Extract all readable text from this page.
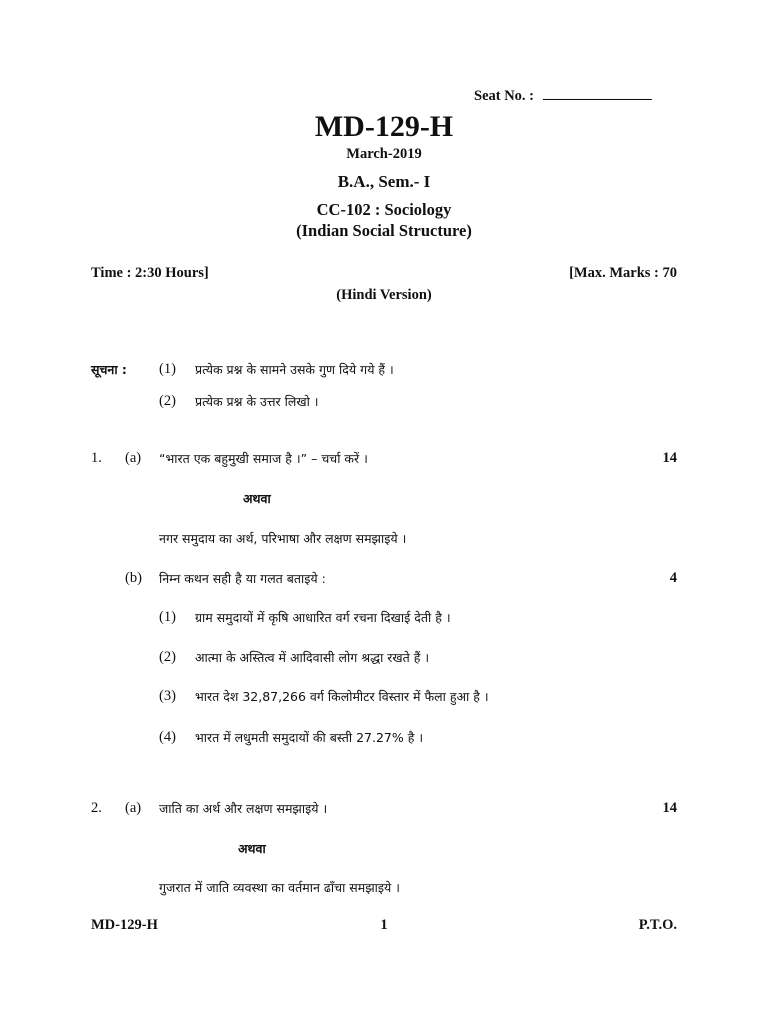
Seat No. : _______________
MD-129-H
March-2019
B.A., Sem.- I
CC-102 : Sociology
(Indian Social Structure)
Time : 2:30 Hours]	[Max. Marks : 70
(Hindi Version)
सूचना : (1) प्रत्येक प्रश्न के सामने उसके गुण दिये गये हैं ।
(2) प्रत्येक प्रश्न के उत्तर लिखो ।
1. (a) “भारत एक बहुमुखी समाज है ।” – चर्चा करें ।	14
अथवा
नगर समुदाय का अर्थ, परिभाषा और लक्षण समझाइये ।
(b) निम्न कथन सही है या गलत बताइये :	4
(1) ग्राम समुदायों में कृषि आधारित वर्ग रचना दिखाई देती है ।
(2) आत्मा के अस्तित्व में आदिवासी लोग श्रद्धा रखते हैं ।
(3) भारत देश 32,87,266 वर्ग किलोमीटर विस्तार में फैला हुआ है ।
(4) भारत में लधुमती समुदायों की बस्ती 27.27% है ।
2. (a) जाति का अर्थ और लक्षण समझाइये ।	14
अथवा
गुजरात में जाति व्यवस्था का वर्तमान ढाँचा समझाइये ।
MD-129-H	1	P.T.O.
